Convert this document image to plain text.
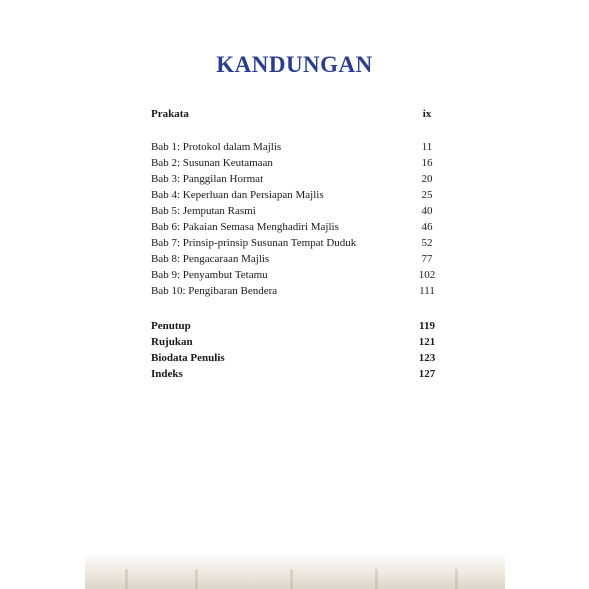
KANDUNGAN
Prakata	ix
Bab 1: Protokol dalam Majlis	11
Bab 2: Susunan Keutamaan	16
Bab 3: Panggilan Hormat	20
Bab 4: Keperluan dan Persiapan Majlis	25
Bab 5: Jemputan Rasmi	40
Bab 6: Pakaian Semasa Menghadiri Majlis	46
Bab 7: Prinsip-prinsip Susunan Tempat Duduk	52
Bab 8: Pengacaraan Majlis	77
Bab 9: Penyambut Tetamu	102
Bab 10: Pengibaran Bendera	111
Penutup	119
Rujukan	121
Biodata Penulis	123
Indeks	127
